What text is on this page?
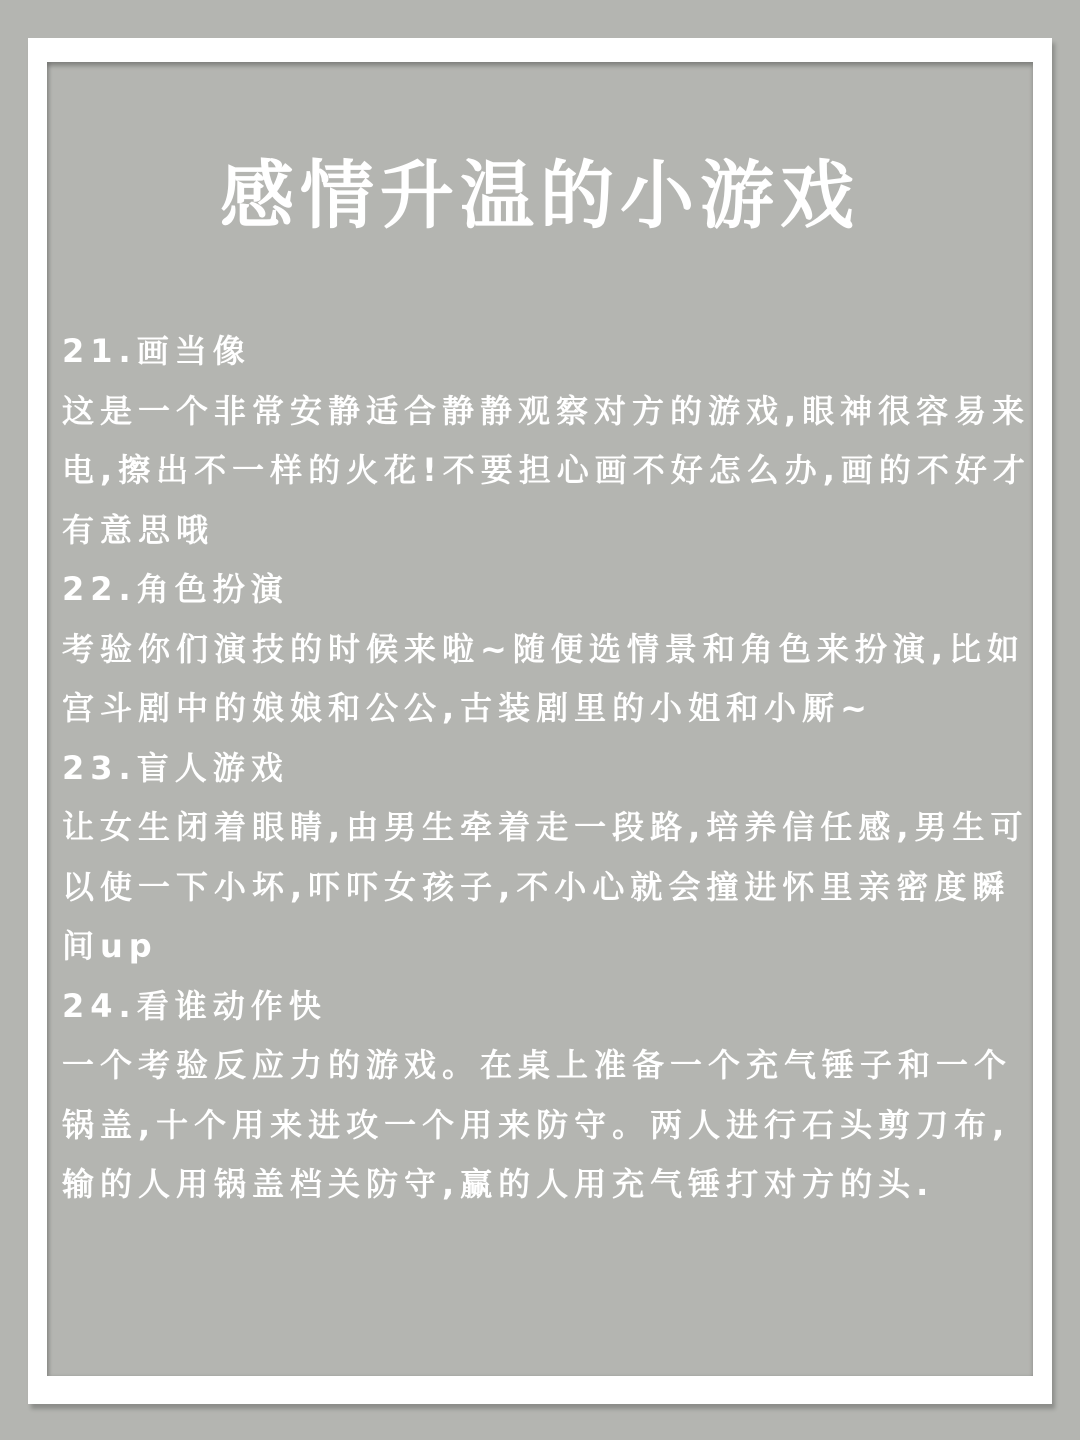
感情升温的小游戏

21.画当像

这是一个非常安静适合静静观察对方的游戏,眼神很容易来电,擦出不一样的火花!不要担心画不好怎么办,画的不好才有意思哦

22.角色扮演

考验你们演技的时候来啦~随便选情景和角色来扮演,比如宫斗剧中的娘娘和公公,古装剧里的小姐和小厮~

23.盲人游戏

让女生闭着眼睛,由男生牵着走一段路,培养信任感,男生可以使一下小坏,吓吓女孩子,不小心就会撞进怀里亲密度瞬间up

24.看谁动作快

一个考验反应力的游戏。在桌上准备一个充气锤子和一个锅盖,十个用来进攻一个用来防守。两人进行石头剪刀布,输的人用锅盖档关防守,赢的人用充气锤打对方的头.
